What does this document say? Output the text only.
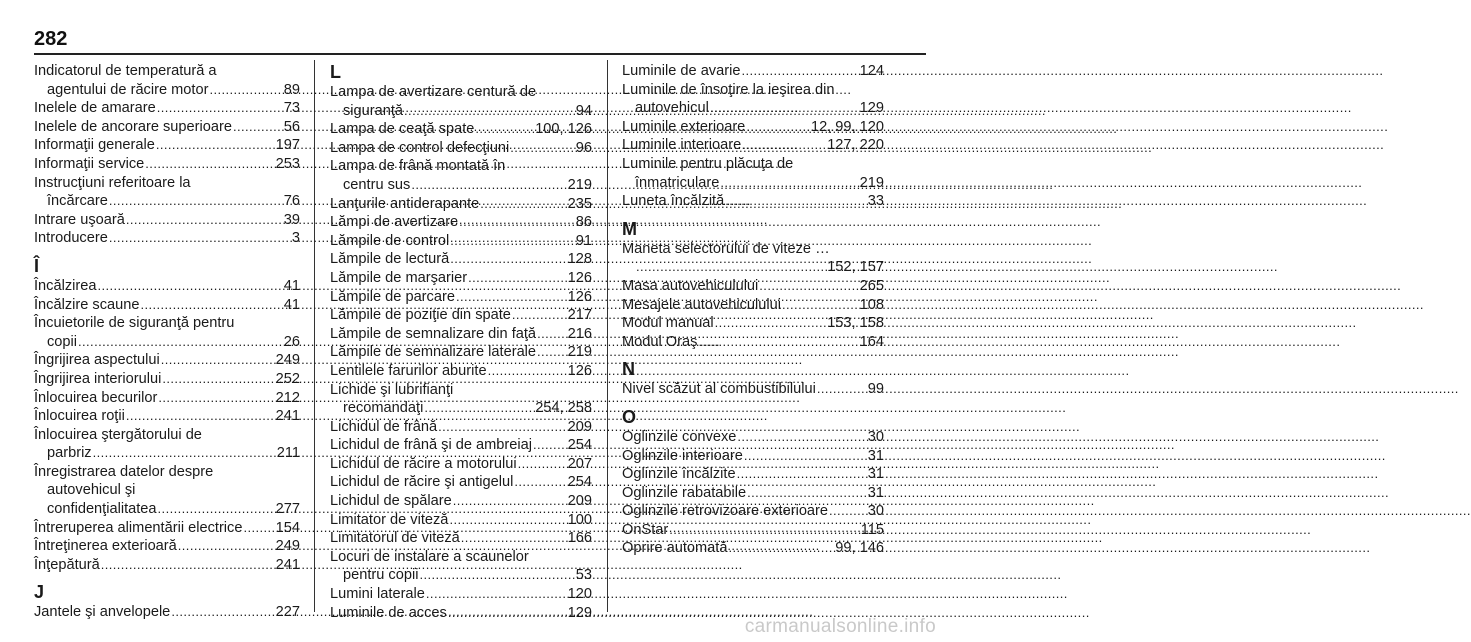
282
Indicatorul de temperatură a
agentului de răcire motor .....	89
Inelele de amarare .....	73
Inelele de ancorare superioare .....	56
Informaţii generale .....	197
Informaţii service .....	253
Instrucţiuni referitoare la
încărcare .....	76
Intrare uşoară .....	39
Introducere .....	3
Î
Încălzirea .....	41
Încălzire scaune .....	41
Încuietorile de siguranţă pentru
copii .....	26
Îngrijirea aspectului .....	249
Îngrijirea interiorului .....	252
Înlocuirea becurilor .....	212
Înlocuirea roţii .....	241
Înlocuirea ştergătorului de
parbriz .....	211
Înregistrarea datelor despre
autovehicul şi
confidenţialitatea .....	277
Întreruperea alimentării electrice ..... 154
Întreţinerea exterioară .....	249
Înţepătură .....	241
J
Jantele şi anvelopele .....	227
L
Lampa de avertizare centură de
siguranţă .....	94
Lampa de ceaţă spate .....	100, 126
Lampa de control defecţiuni .....	96
Lampa de frână montată în
centru sus .....	219
Lanţurile antiderapante .....	235
Lămpi de avertizare .....	86
Lămpile de control .....	91
Lămpile de lectură .....	128
Lămpile de marşarier .....	126
Lămpile de parcare .....	126
Lămpile de poziţie din spate .....	217
Lămpile de semnalizare din faţă ..... 216
Lămpile de semnalizare laterale ..... 219
Lentilele farurilor aburite .....	126
Lichide şi lubrifianţi
recomandaţi .....	254, 258
Lichidul de frână .....	209
Lichidul de frână şi de ambreiaj ..... 254
Lichidul de răcire a motorului .....	207
Lichidul de răcire şi antigelul .....	254
Lichidul de spălare .....	209
Limitator de viteză .....	100
Limitatorul de viteză .....	166
Locuri de instalare a scaunelor
pentru copii .....	53
Lumini laterale .....	120
Luminile de acces .....	129
Luminile de avarie .....	124
Luminile de însoţire la ieşirea din
autovehicul .....	129
Luminile exterioare .....	12, 99, 120
Luminile interioare .....	127, 220
Luminile pentru plăcuţa de
înmatriculare .....	219
Luneta încălzită .....	33
M
Maneta selectorului de viteze …
.....
152, 157
Masa autovehiculului .....	265
Mesajele autovehiculului .....	108
Modul manual .....	153, 158
Modul Oraş .....	164
N
Nivel scăzut al combustibilului .....	99
O
Oglinzile convexe .....	30
Oglinzile interioare .....	31
Oglinzile încălzite .....	31
Oglinzile rabatabile .....	31
Oglinzile retrovizoare exterioare .....	30
OnStar .....	115
Oprire automată .....	99, 146
carmanualsonline.info
